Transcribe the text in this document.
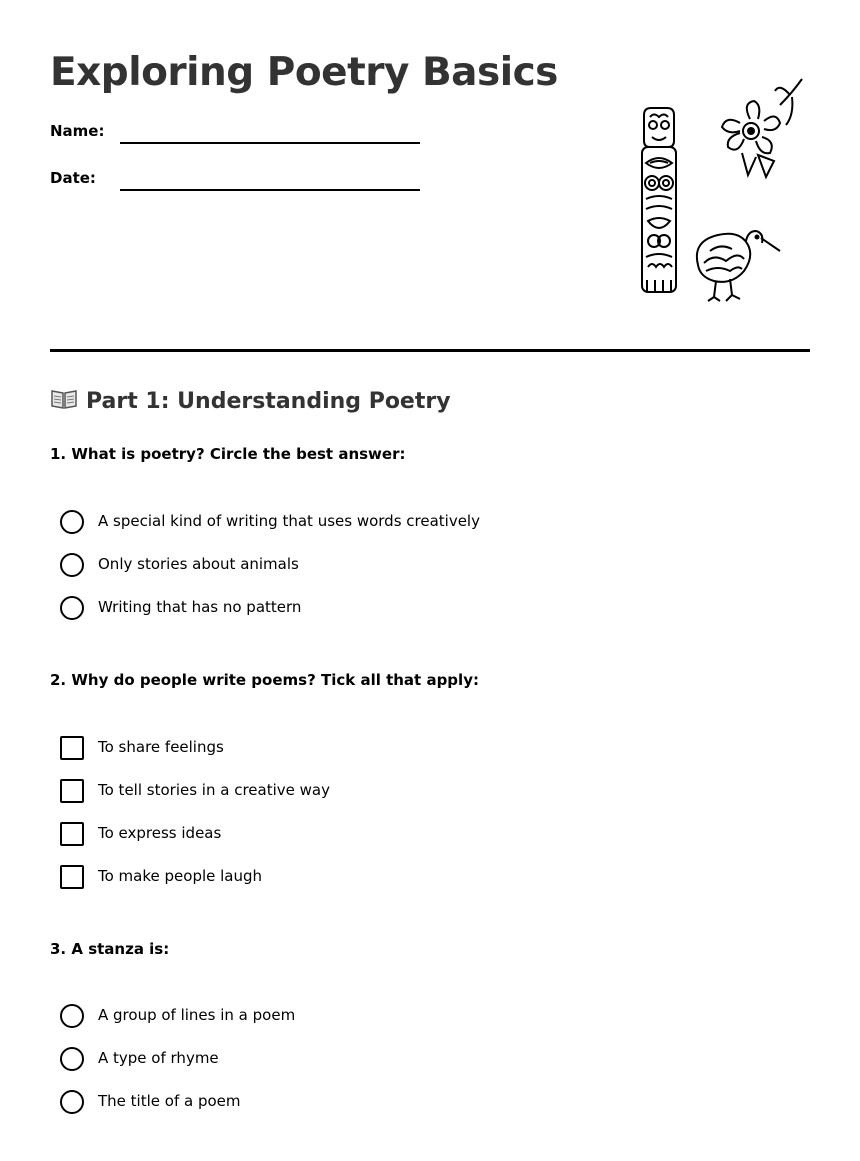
Exploring Poetry Basics
Name:
Date:
Part 1: Understanding Poetry
1. What is poetry? Circle the best answer:
A special kind of writing that uses words creatively
Only stories about animals
Writing that has no pattern
2. Why do people write poems? Tick all that apply:
To share feelings
To tell stories in a creative way
To express ideas
To make people laugh
3. A stanza is:
A group of lines in a poem
A type of rhyme
The title of a poem
